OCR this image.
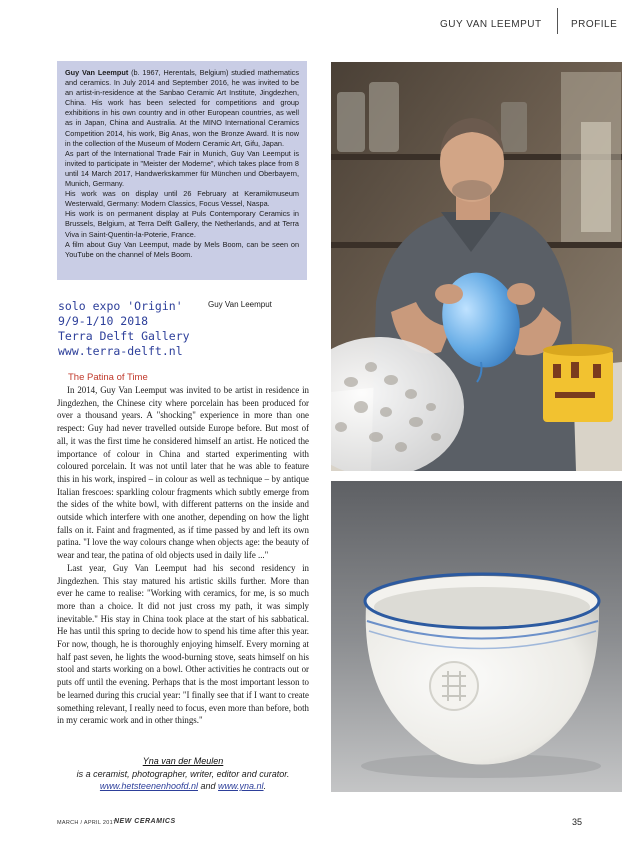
GUY VAN LEEMPUT	PROFILE

Guy Van Leemput (b. 1967, Herentals, Belgium) studied mathematics and ceramics. In July 2014 and September 2016, he was invited to be an artist-in-residence at the Sanbao Ceramic Art Institute, Jingdezhen, China. His work has been selected for competitions and group exhibitions in his own country and in other European countries, as well as in Japan, China and Australia. At the MINO International Ceramics Competition 2014, his work, Big Anas, won the Bronze Award. It is now in the collection of the Museum of Modern Ceramic Art, Gifu, Japan.

As part of the International Trade Fair in Munich, Guy Van Leemput is invited to participate in "Meister der Moderne", which takes place from 8 until 14 March 2017, Handwerkskammer für München und Oberbayern, Munich, Germany.

His work was on display until 26 February at Keramikmuseum Westerwald, Germany: Modern Classics, Focus Vessel, Naspa.

His work is on permanent display at Puls Contemporary Ceramics in Brussels, Belgium, at Terra Delft Gallery, the Netherlands, and at Terra Viva in Saint-Quentin-la-Poterie, France.

A film about Guy Van Leemput, made by Mels Boom, can be seen on YouTube on the channel of Mels Boom.

solo expo 'Origin'
9/9-1/10 2018
Terra Delft Gallery
www.terra-delft.nl
Guy Van Leemput
The Patina of Time

In 2014, Guy Van Leemput was invited to be artist in residence in Jingdezhen, the Chinese city where porcelain has been produced for over a thousand years. A "shocking" experience in more than one respect: Guy had never travelled outside Europe before. But most of all, it was the first time he considered himself an artist. He noticed the importance of colour in China and started experimenting with coloured porcelain. It was not until later that he was able to feature this in his work, inspired – in colour as well as technique – by antique Italian frescoes: sparkling colour fragments which subtly emerge from the sides of the white bowl, with different patterns on the inside and outside which interfere with one another, depending on how the light falls on it. Faint and fragmented, as if time passed by and left its own patina. "I love the way colours change when objects age: the beauty of wear and tear, the patina of old objects used in daily life ..."

Last year, Guy Van Leemput had his second residency in Jingdezhen. This stay matured his artistic skills further. More than ever he came to realise: "Working with ceramics, for me, is so much more than a choice. It did not just cross my path, it was simply inevitable." His stay in China took place at the start of his sabbatical. He has until this spring to decide how to spend his time after this year. For now, though, he is thoroughly enjoying himself. Every morning at half past seven, he lights the wood-burning stove, seats himself on his stool and starts working on a bowl. Other activities he contracts out or puts off until the evening. Perhaps that is the most important lesson to be learned during this crucial year: "I finally see that if I want to create something relevant, I really need to focus, even more than before, both in my ceramic work and in other things."

Yna van der Meulen
is a ceramist, photographer, writer, editor and curator.
www.hetsteenenhoofd.nl and www.yna.nl.
MARCH / APRIL 2017
NEW CERAMICS	35
